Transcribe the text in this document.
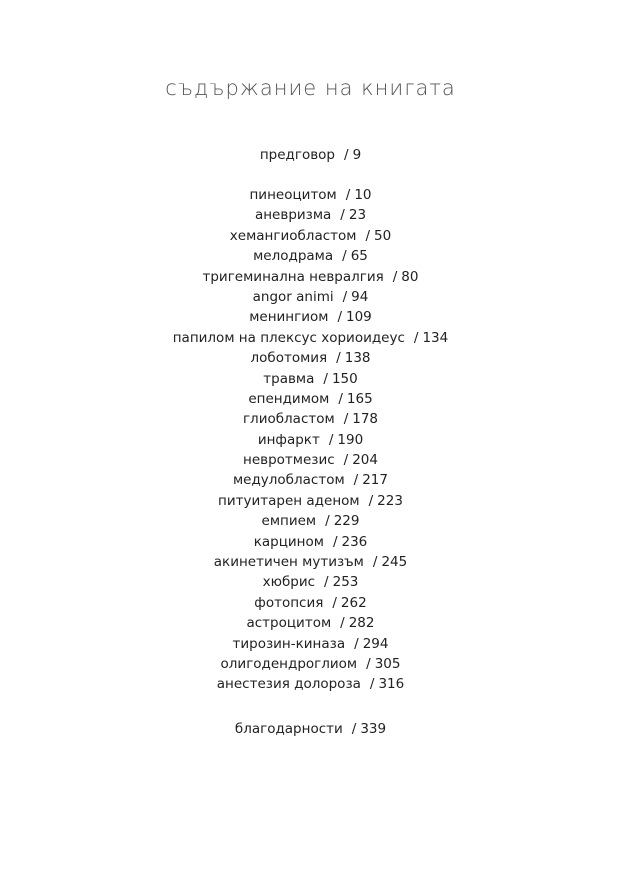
съдържание на книгата
предговор / 9
пинеоцитом / 10
аневризма / 23
хемангиобластом / 50
мелодрама / 65
тригеминална невралгия / 80
angor animi / 94
менингиом / 109
папилом на плексус хориоидеус / 134
лоботомия / 138
травма / 150
епендимом / 165
глиобластом / 178
инфаркт / 190
невротмезис / 204
медулобластом / 217
питуитарен аденом / 223
емпием / 229
карцином / 236
акинетичен мутизъм / 245
хюбрис / 253
фотопсия / 262
астроцитом / 282
тирозин-киназа / 294
олигодендроглиом / 305
анестезия долороза / 316
благодарности / 339
